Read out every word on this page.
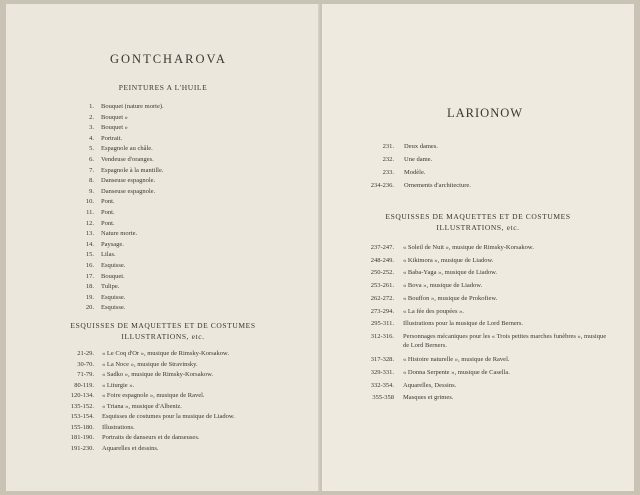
GONTCHAROVA
PEINTURES A L'HUILE
1. Bouquet (nature morte).
2. Bouquet »
3. Bouquet »
4. Portrait.
5. Espagnole au châle.
6. Vendeuse d'oranges.
7. Espagnole à la mantille.
8. Danseuse espagnole.
9. Danseuse espagnole.
10. Pont.
11. Pont.
12. Pont.
13. Nature morte.
14. Paysage.
15. Lilas.
16. Esquisse.
17. Bouquet.
18. Tulipe.
19. Esquisse.
20. Esquisse.
ESQUISSES DE MAQUETTES ET DE COSTUMES
ILLUSTRATIONS, etc.
21-29. « Le Coq d'Or », musique de Rimsky-Korsakow.
30-70. « La Noce », musique de Stravinsky.
71-79. « Sadko », musique de Rimsky-Korsakow.
80-119. « Liturgie ».
120-134. « Foire espagnole », musique de Ravel.
135-152. « Triana », musique d'Albeniz.
153-154. Esquisses de costumes pour la musique de Liadow.
155-180. Illustrations.
181-190. Portraits de danseurs et de danseuses.
191-230. Aquarelles et dessins.
LARIONOW
231. Deux dames.
232. Une dame.
233. Modèle.
234-236. Ornements d'architecture.
ESQUISSES DE MAQUETTES ET DE COSTUMES
ILLUSTRATIONS, etc.
237-247. « Soleil de Nuit », musique de Rimsky-Korsakow.
248-249. « Kikimora », musique de Liadow.
250-252. « Baba-Yaga », musique de Liadow.
253-261. « Bova », musique de Liadow.
262-272. « Bouffon », musique de Prokofiew.
273-294. « La fée des poupées ».
295-311. Illustrations pour la musique de Lord Berners.
312-316. Personnages mécaniques pour les « Trois petites marches funèbres », musique de Lord Berners.
317-328. « Histoire naturelle », musique de Ravel.
329-331. « Donna Serpente », musique de Casella.
332-354. Aquarelles, Dessins.
355-358 Masques et grimes.
